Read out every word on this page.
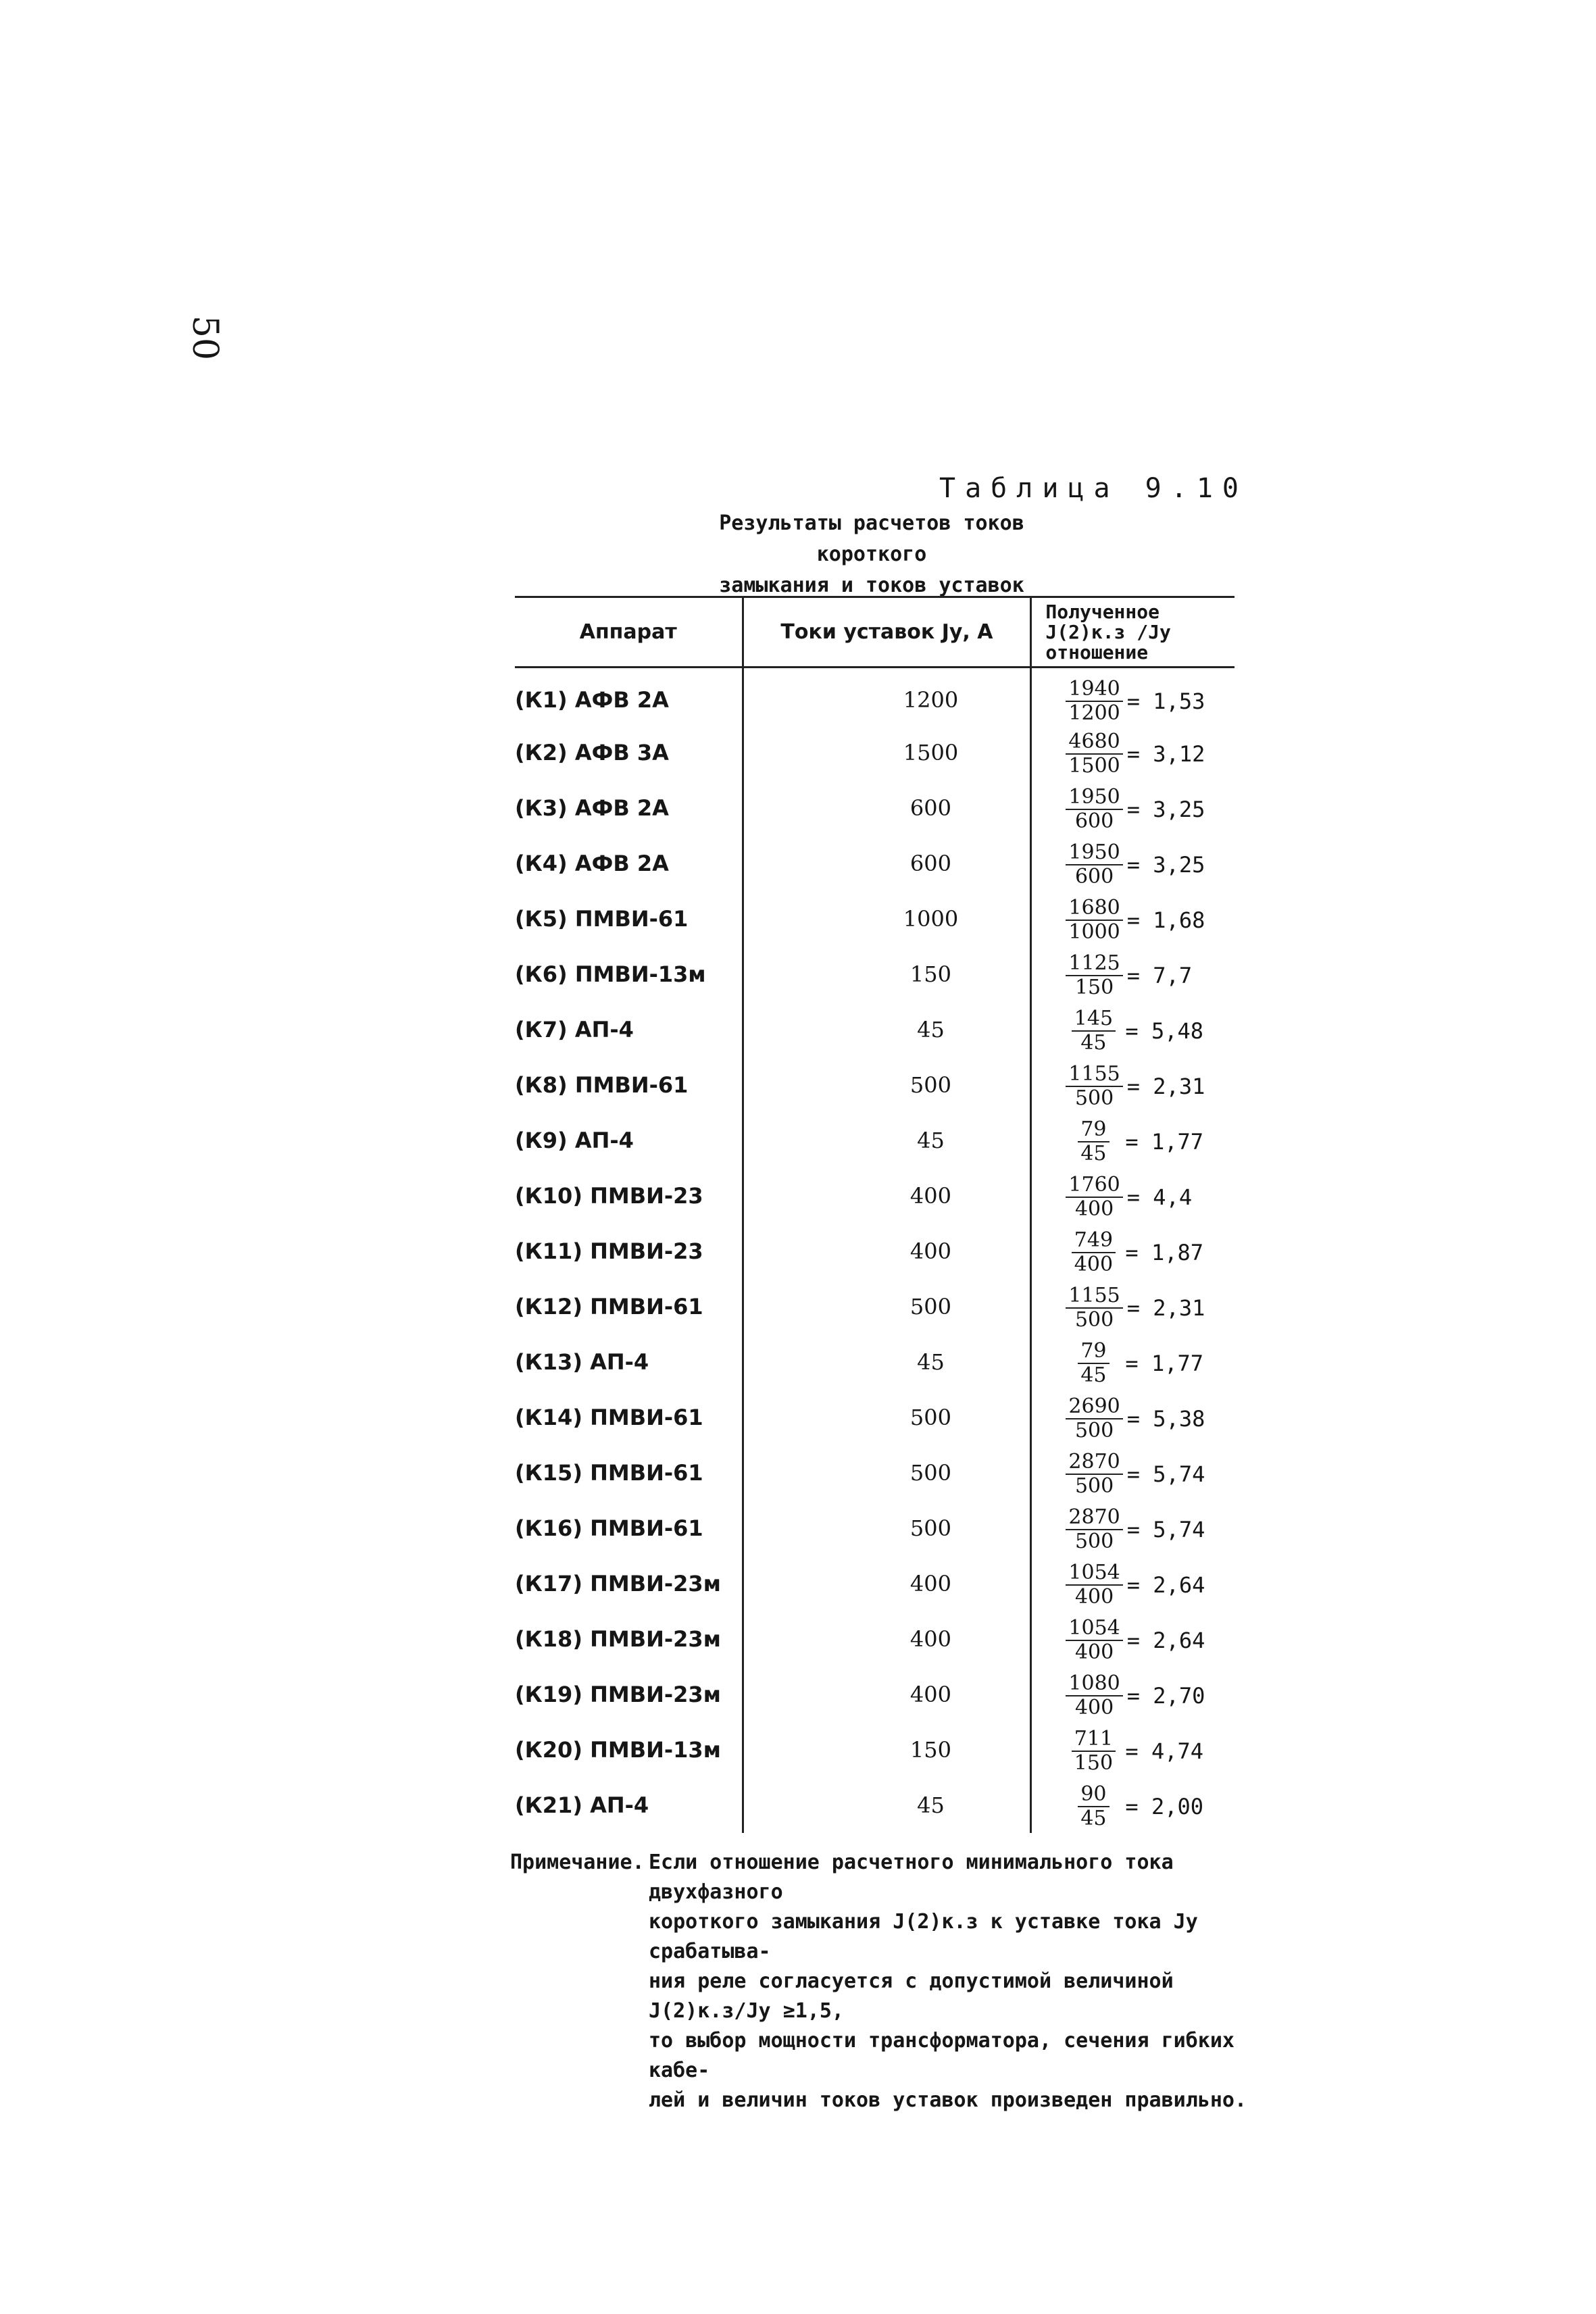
50
Таблица 9.10
Результаты расчетов токов короткого
замыкания и токов уставок
Аппарат	Токи уставок Jу, А	Полученное J(2)к.з /Jу отношение
(К1) АФВ 2А	1200	$\frac{1940}{1200} = 1,53$

(К2) АФВ 3А	1500	$\frac{4680}{1500} = 3,12$

(К3) АФВ 2А	600	$\frac{1950}{600} = 3,25$

(К4) АФВ 2А	600	$\frac{1950}{600} = 3,25$

(К5) ПМВИ-61	1000	$\frac{1680}{1000} = 1,68$

(К6) ПМВИ-13м	150	$\frac{1125}{150} = 7,7$

(К7) АП-4	45	$\frac{145}{45} = 5,48$

(К8) ПМВИ-61	500	$\frac{1155}{500} = 2,31$

(К9) АП-4	45	$\frac{79}{45} = 1,77$

(К10) ПМВИ-23	400	$\frac{1760}{400} = 4,4$

(К11) ПМВИ-23	400	$\frac{749}{400} = 1,87$

(К12) ПМВИ-61	500	$\frac{1155}{500} = 2,31$

(К13) АП-4	45	$\frac{79}{45} = 1,77$

(К14) ПМВИ-61	500	$\frac{2690}{500} = 5,38$

(К15) ПМВИ-61	500	$\frac{2870}{500} = 5,74$

(К16) ПМВИ-61	500	$\frac{2870}{500} = 5,74$

(К17) ПМВИ-23м	400	$\frac{1054}{400} = 2,64$

(К18) ПМВИ-23м	400	$\frac{1054}{400} = 2,64$

(К19) ПМВИ-23м	400	$\frac{1080}{400} = 2,70$

(К20) ПМВИ-13м	150	$\frac{711}{150} = 4,74$

(К21) АП-4	45	$\frac{90}{45} = 2,00$
Примечание. Если отношение расчетного минимального тока двухфазного
короткого замыкания J(2)к.з к уставке тока Jу срабатыва-
ния реле согласуется с допустимой величиной J(2)к.з/Jу ≥1,5,
то выбор мощности трансформатора, сечения гибких кабе-
лей и величин токов уставок произведен правильно.
